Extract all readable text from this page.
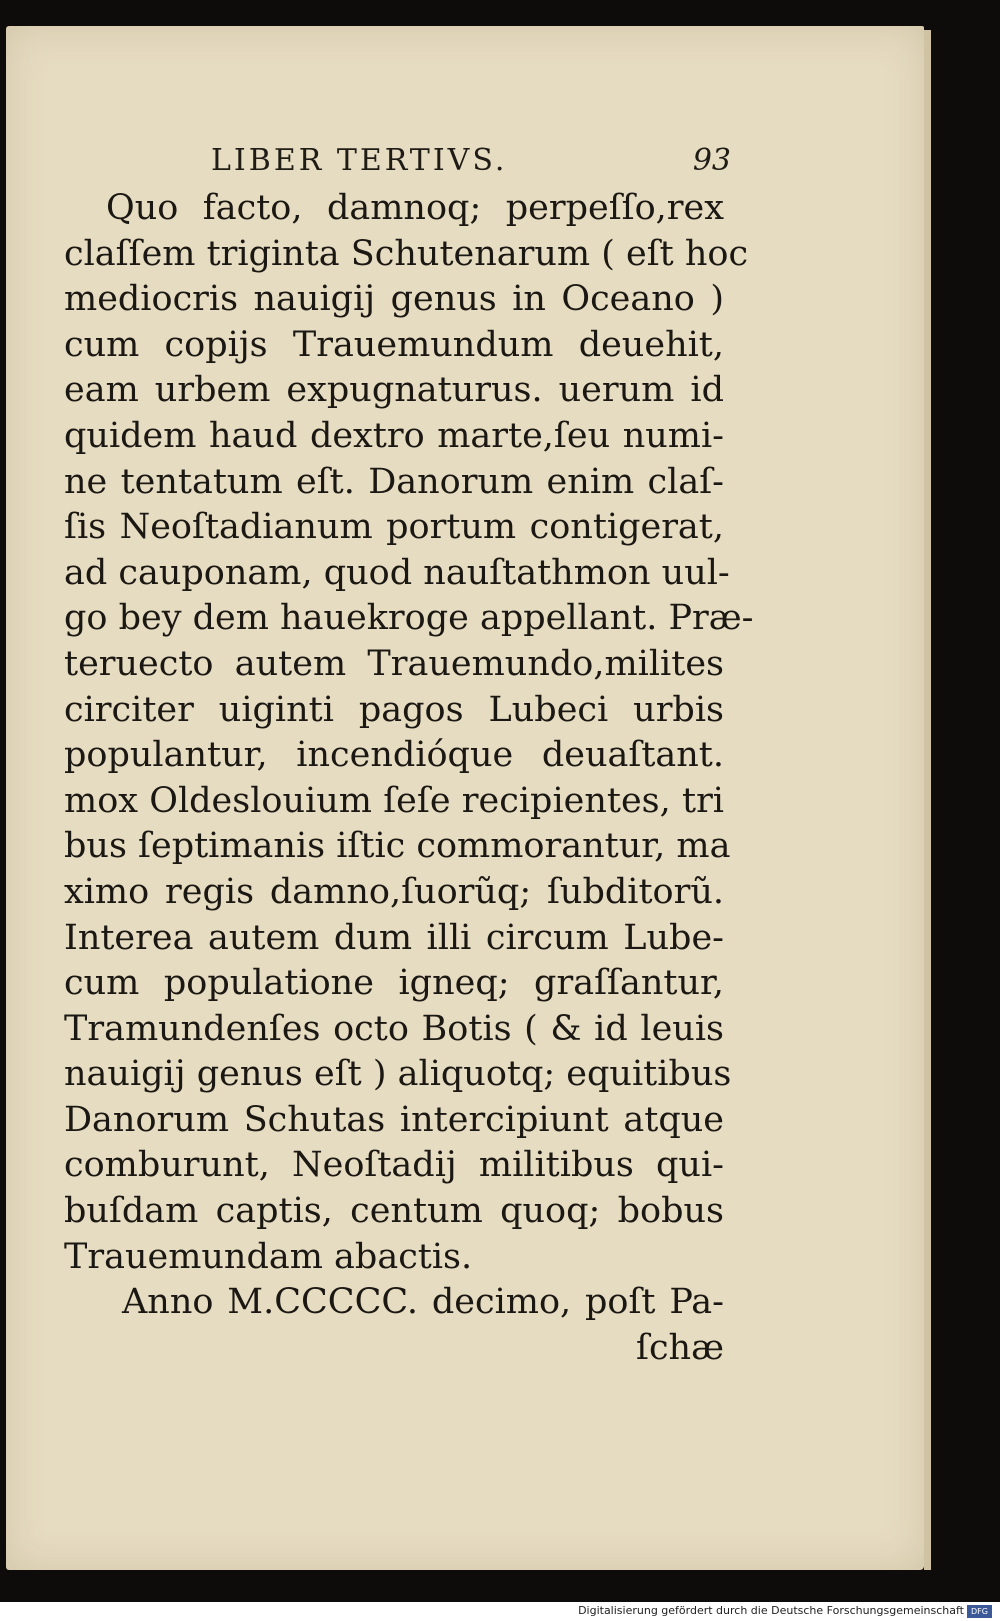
LIBER TERTIVS.	93
Quo facto, damnoq; perpeſſo,rex
claſſem triginta Schutenarum ( eſt hoc
mediocris nauigij genus in Oceano )
cum copijs Trauemundum deuehit,
eam urbem expugnaturus. uerum id
quidem haud dextro marte,ſeu numi-
ne tentatum eſt. Danorum enim claſ-
ſis Neoſtadianum portum contigerat,
ad cauponam, quod nauſtathmon uul-
go bey dem hauekroge appellant. Præ-
teruecto autem Trauemundo,milites
circiter uiginti pagos Lubeci urbis
populantur, incendióque deuaſtant.
mox Oldeslouium ſeſe recipientes, tri
bus ſeptimanis iſtic commorantur, ma
ximo regis damno,ſuorũq; ſubditorũ.
Interea autem dum illi circum Lube-
cum populatione igneq; graſſantur,
Tramundenſes octo Botis ( & id leuis
nauigij genus eſt ) aliquotq; equitibus
Danorum Schutas intercipiunt atque
comburunt, Neoſtadij militibus qui-
buſdam captis, centum quoq; bobus
Trauemundam abactis.
Anno M.CCCCC. decimo, poſt Pa-
ſchæ
Digitalisierung gefördert durch die Deutsche Forschungsgemeinschaft DFG
